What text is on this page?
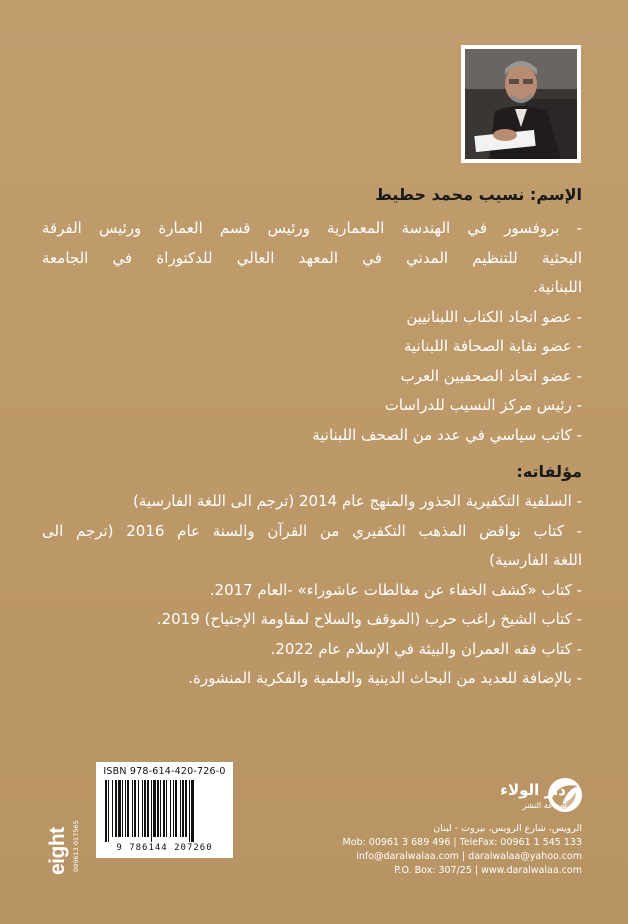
الإسم: نسيب محمد حطيط
- بروفسور في الهندسة المعمارية ورئيس قسم العمارة ورئيس الفرقة
البحثية للتنظيم المدني في المعهد العالي للدكتوراة في الجامعة
اللبنانية.
- عضو اتحاد الكتاب اللبنانيين
- عضو نقابة الصحافة اللبنانية
- عضو اتحاد الصحفيين العرب
- رئيس مركز النسيب للدراسات
- كاتب سياسي في عدد من الصحف اللبنانية
مؤلفاته:
- السلفية التكفيرية الجذور والمنهج عام 2014 (ترجم الى اللغة الفارسية)
- كتاب نواقض المذهب التكفيري من القرآن والسنة عام 2016 (ترجم الى
اللغة الفارسية)
- كتاب «كشف الخفاء عن مغالطات عاشوراء» -العام 2017.
- كتاب الشيخ راغب حرب (الموقف والسلاح لمقاومة الإجتياح) 2019.
- كتاب فقه العمران والبيئة في الإسلام عام 2022.
- بالإضافة للعديد من البحاث الدينية والعلمية والفكرية المنشورة.
eight 009613 017565
ISBN 978-614-420-726-0
9 786144 207260
دار الولاء
لصناعة النشر
الرويس، شارع الرويس، بيروت - لبنان
Mob: 00961 3 689 496 | TeleFax: 00961 1 545 133
info@daralwalaa.com | daralwalaa@yahoo.com
P.O. Box: 307/25 | www.daralwalaa.com
